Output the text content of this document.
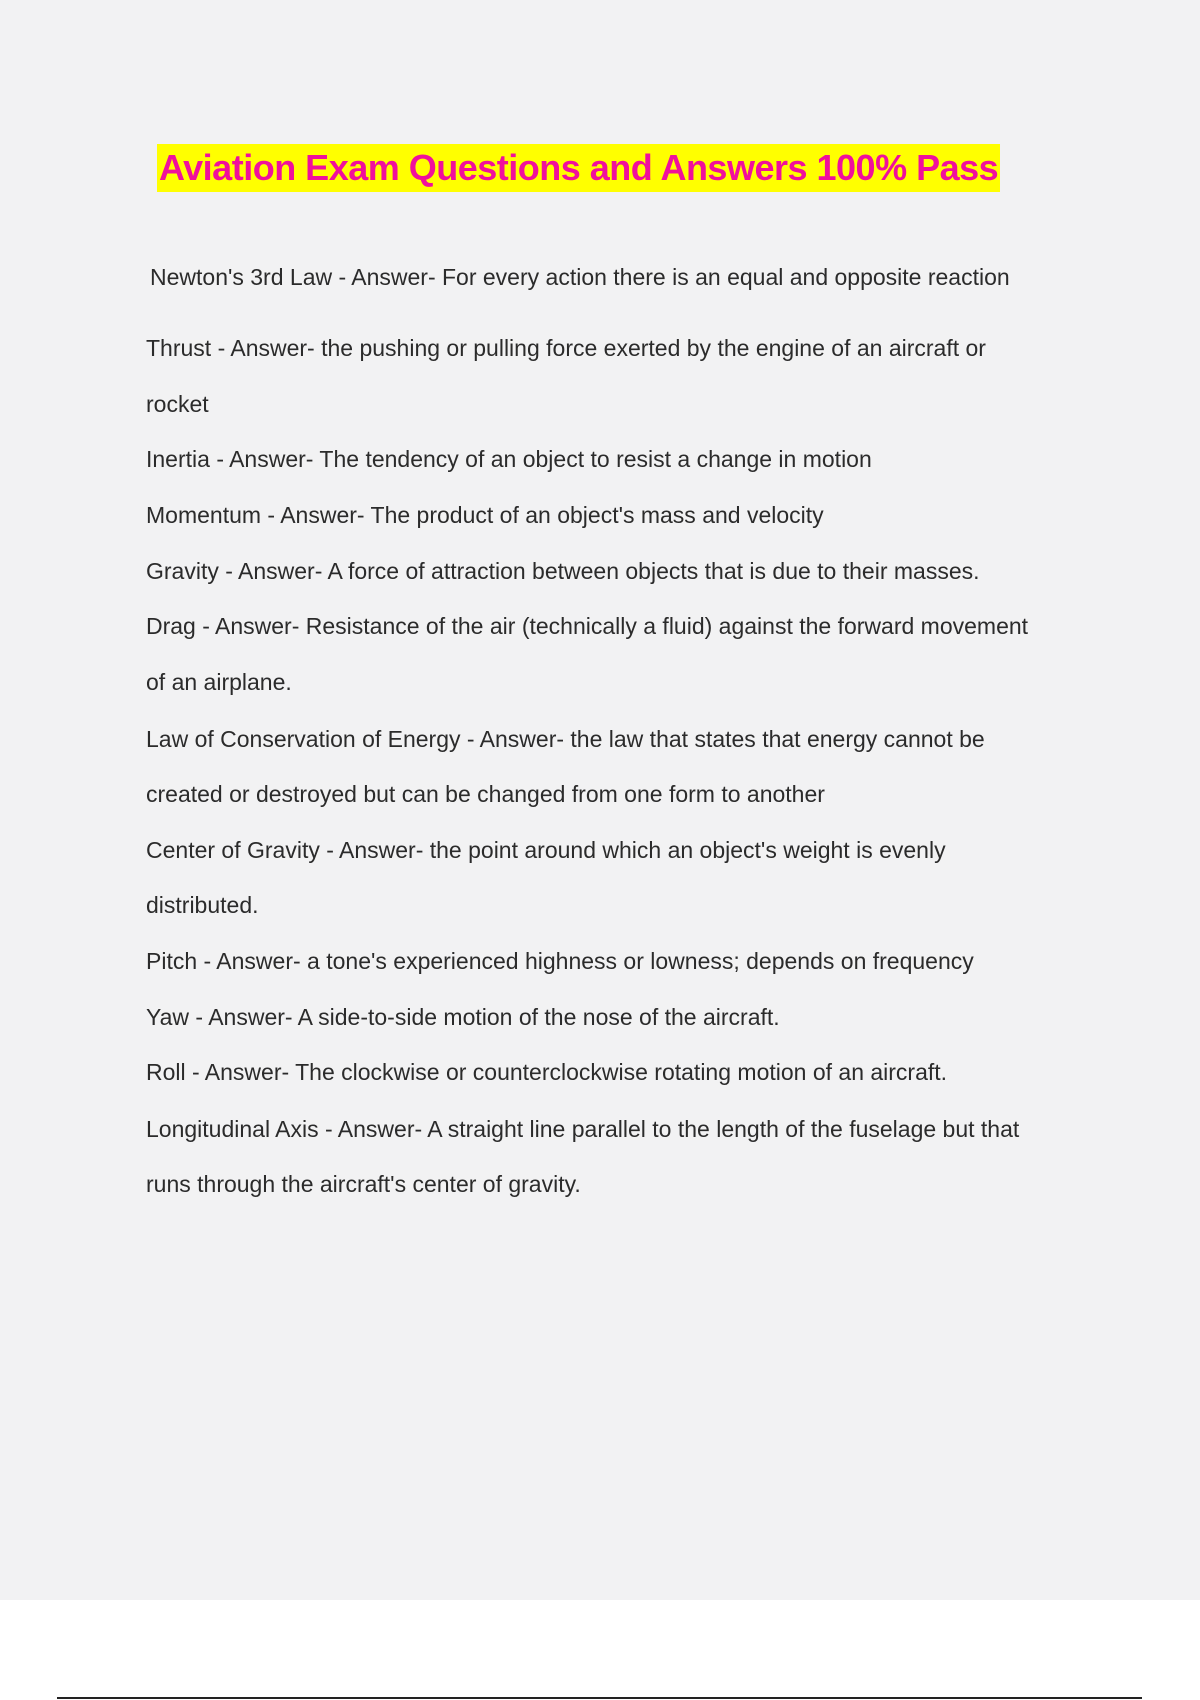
Aviation Exam Questions and Answers 100% Pass
Newton's 3rd Law - Answer- For every action there is an equal and opposite reaction
Thrust - Answer- the pushing or pulling force exerted by the engine of an aircraft or
rocket
Inertia - Answer- The tendency of an object to resist a change in motion
Momentum - Answer- The product of an object's mass and velocity
Gravity - Answer- A force of attraction between objects that is due to their masses.
Drag - Answer- Resistance of the air (technically a fluid) against the forward movement
of an airplane.
Law of Conservation of Energy - Answer- the law that states that energy cannot be
created or destroyed but can be changed from one form to another
Center of Gravity - Answer- the point around which an object's weight is evenly
distributed.
Pitch - Answer- a tone's experienced highness or lowness; depends on frequency
Yaw - Answer- A side-to-side motion of the nose of the aircraft.
Roll - Answer- The clockwise or counterclockwise rotating motion of an aircraft.
Longitudinal Axis - Answer- A straight line parallel to the length of the fuselage but that
runs through the aircraft's center of gravity.
